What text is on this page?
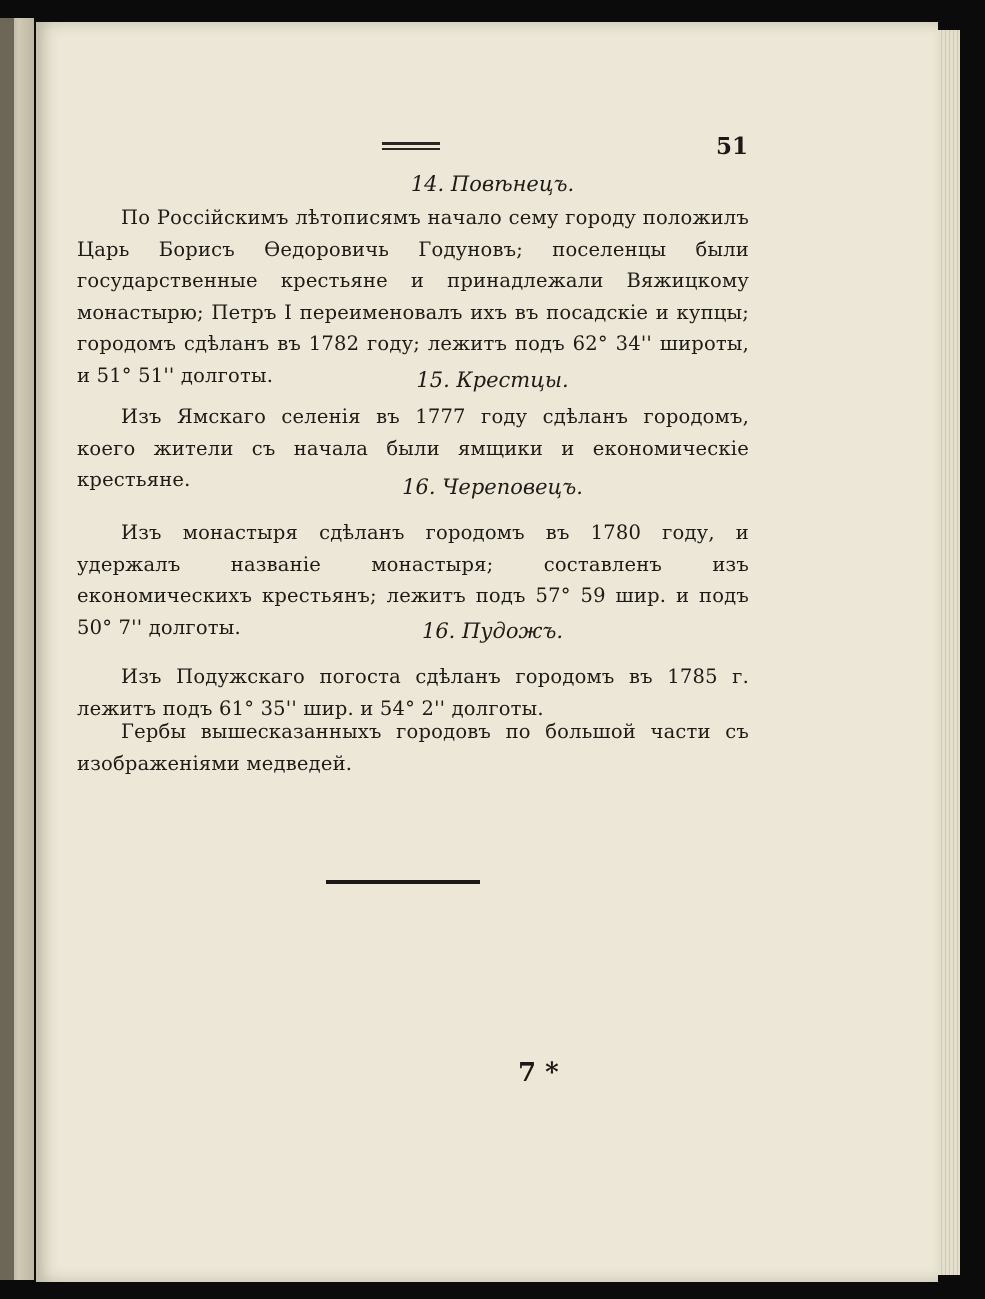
51
14. Повѣнецъ.
По Россійскимъ лѣтописямъ начало сему городу положилъ Царь Борисъ Ѳедоровичь Годуновъ; поселенцы были государственные крестьяне и принадлежали Вяжицкому монастырю; Петръ I переименовалъ ихъ въ посадскіе и купцы; городомъ сдѣланъ въ 1782 году; лежитъ подъ 62° 34'' широты, и 51° 51'' долготы.	15. Крестцы.
Изъ Ямскаго селенія въ 1777 году сдѣланъ городомъ, коего жители съ начала были ямщики и економическіе крестьяне.	16. Череповецъ.
Изъ монастыря сдѣланъ городомъ въ 1780 году, и удержалъ названіе монастыря; составленъ изъ економическихъ крестьянъ; лежитъ подъ 57° 59 шир. и подъ 50° 7'' долготы.	16. Пудожъ.
Изъ Подужскаго погоста сдѣланъ городомъ въ 1785 г. лежитъ подъ 61° 35'' шир. и 54° 2'' долготы.
Гербы вышесказанныхъ городовъ по большой части съ изображеніями медведей.
7 *
